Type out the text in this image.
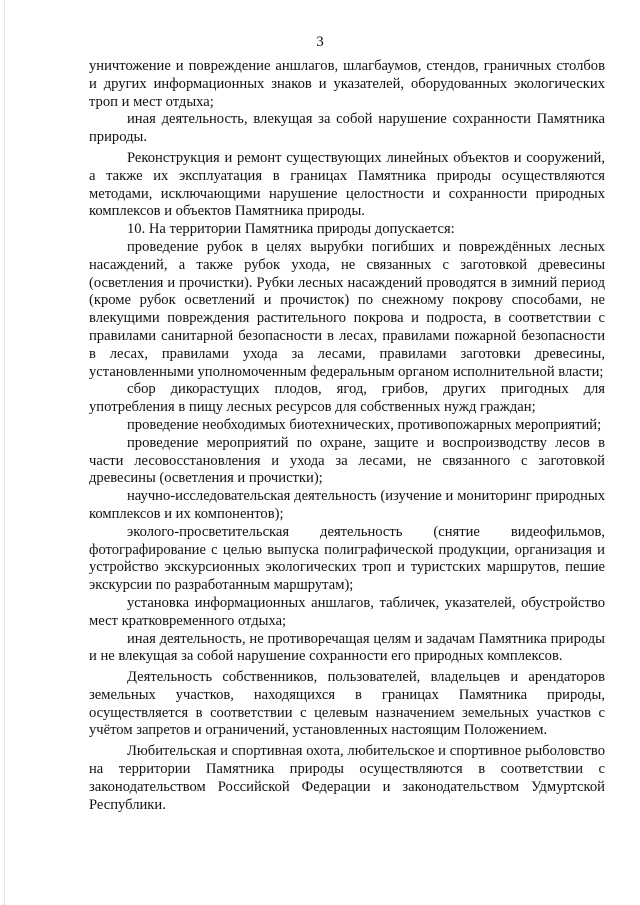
3

уничтожение и повреждение аншлагов, шлагбаумов, стендов, граничных столбов и других информационных знаков и указателей, оборудованных экологических троп и мест отдыха;

иная деятельность, влекущая за собой нарушение сохранности Памятника природы.

Реконструкция и ремонт существующих линейных объектов и сооружений, а также их эксплуатация в границах Памятника природы осуществляются методами, исключающими нарушение целостности и сохранности природных комплексов и объектов Памятника природы.

10. На территории Памятника природы допускается:

проведение рубок в целях вырубки погибших и повреждённых лесных насаждений, а также рубок ухода, не связанных с заготовкой древесины (осветления и прочистки). Рубки лесных насаждений проводятся в зимний период (кроме рубок осветлений и прочисток) по снежному покрову способами, не влекущими повреждения растительного покрова и подроста, в соответствии с правилами санитарной безопасности в лесах, правилами пожарной безопасности в лесах, правилами ухода за лесами, правилами заготовки древесины, установленными уполномоченным федеральным органом исполнительной власти;

сбор дикорастущих плодов, ягод, грибов, других пригодных для употребления в пищу лесных ресурсов для собственных нужд граждан;

проведение необходимых биотехнических, противопожарных мероприятий;

проведение мероприятий по охране, защите и воспроизводству лесов в части лесовосстановления и ухода за лесами, не связанного с заготовкой древесины (осветления и прочистки);

научно-исследовательская деятельность (изучение и мониторинг природных комплексов и их компонентов);

эколого-просветительская деятельность (снятие видеофильмов, фотографирование с целью выпуска полиграфической продукции, организация и устройство экскурсионных экологических троп и туристских маршрутов, пешие экскурсии по разработанным маршрутам);

установка информационных аншлагов, табличек, указателей, обустройство мест кратковременного отдыха;

иная деятельность, не противоречащая целям и задачам Памятника природы и не влекущая за собой нарушение сохранности его природных комплексов.

Деятельность собственников, пользователей, владельцев и арендаторов земельных участков, находящихся в границах Памятника природы, осуществляется в соответствии с целевым назначением земельных участков с учётом запретов и ограничений, установленных настоящим Положением.

Любительская и спортивная охота, любительское и спортивное рыболовство на территории Памятника природы осуществляются в соответствии с законодательством Российской Федерации и законодательством Удмуртской Республики.
